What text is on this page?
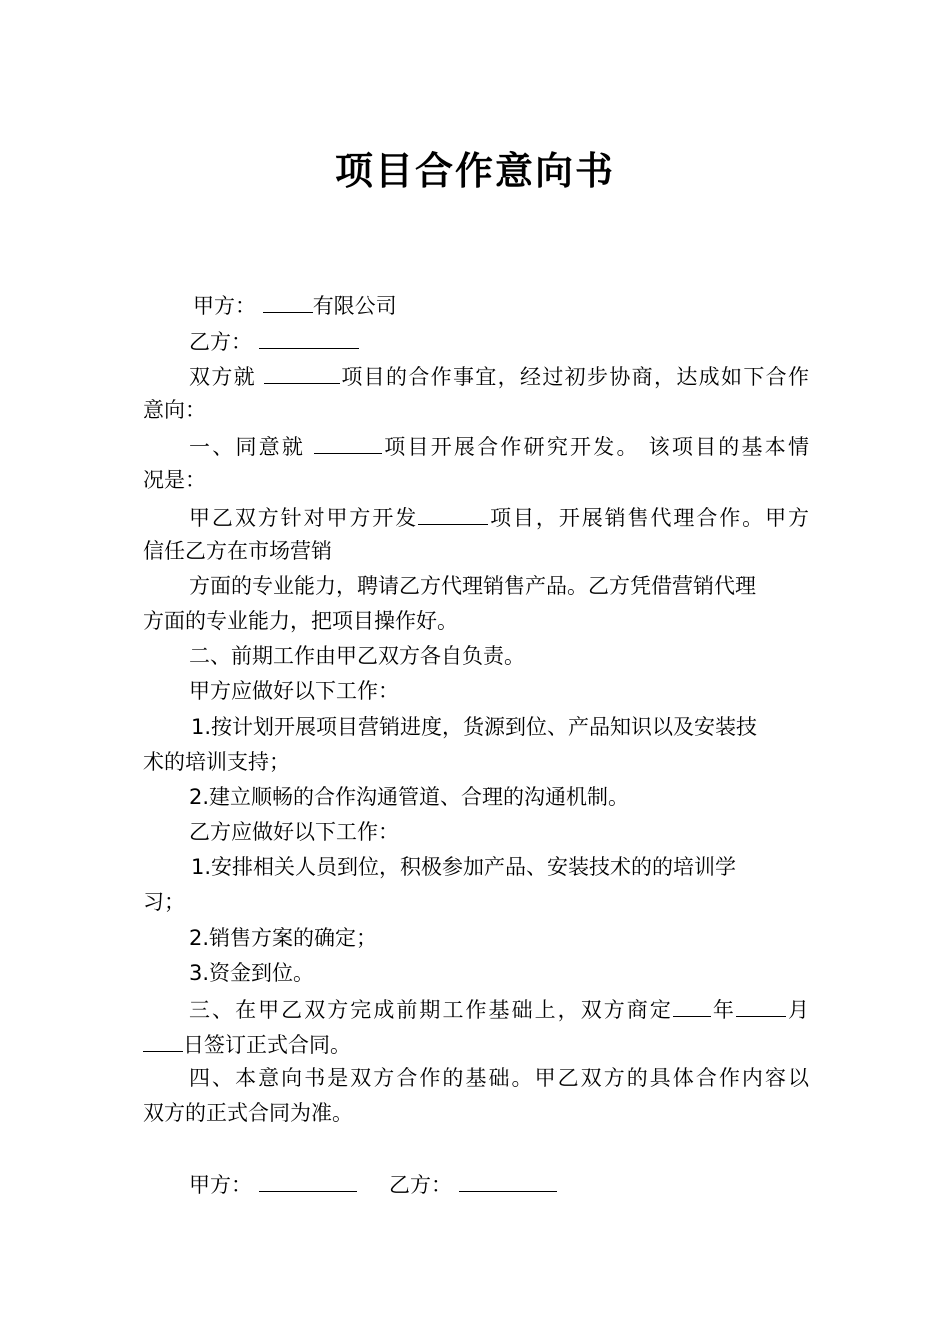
项目合作意向书
甲方：	有限公司
乙方：
双方就	项目的合作事宜，经过初步协商，达成如下合作
意向：
一、同意就	项目开展合作研究开发。 该项目的基本情
况是：
甲乙双方针对甲方开发	项目，开展销售代理合作。甲方
信任乙方在市场营销
方面的专业能力，聘请乙方代理销售产品。乙方凭借营销代理
方面的专业能力，把项目操作好。
二、前期工作由甲乙双方各自负责。
甲方应做好以下工作：
1.按计划开展项目营销进度，货源到位、产品知识以及安装技
术的培训支持；
2.建立顺畅的合作沟通管道、合理的沟通机制。
乙方应做好以下工作：
1.安排相关人员到位，积极参加产品、安装技术的的培训学
习；
2.销售方案的确定；
3.资金到位。
三、在甲乙双方完成前期工作基础上，双方商定 年 月
日签订正式合同。
四、本意向书是双方合作的基础。甲乙双方的具体合作内容以
双方的正式合同为准。
甲方：	乙方：
